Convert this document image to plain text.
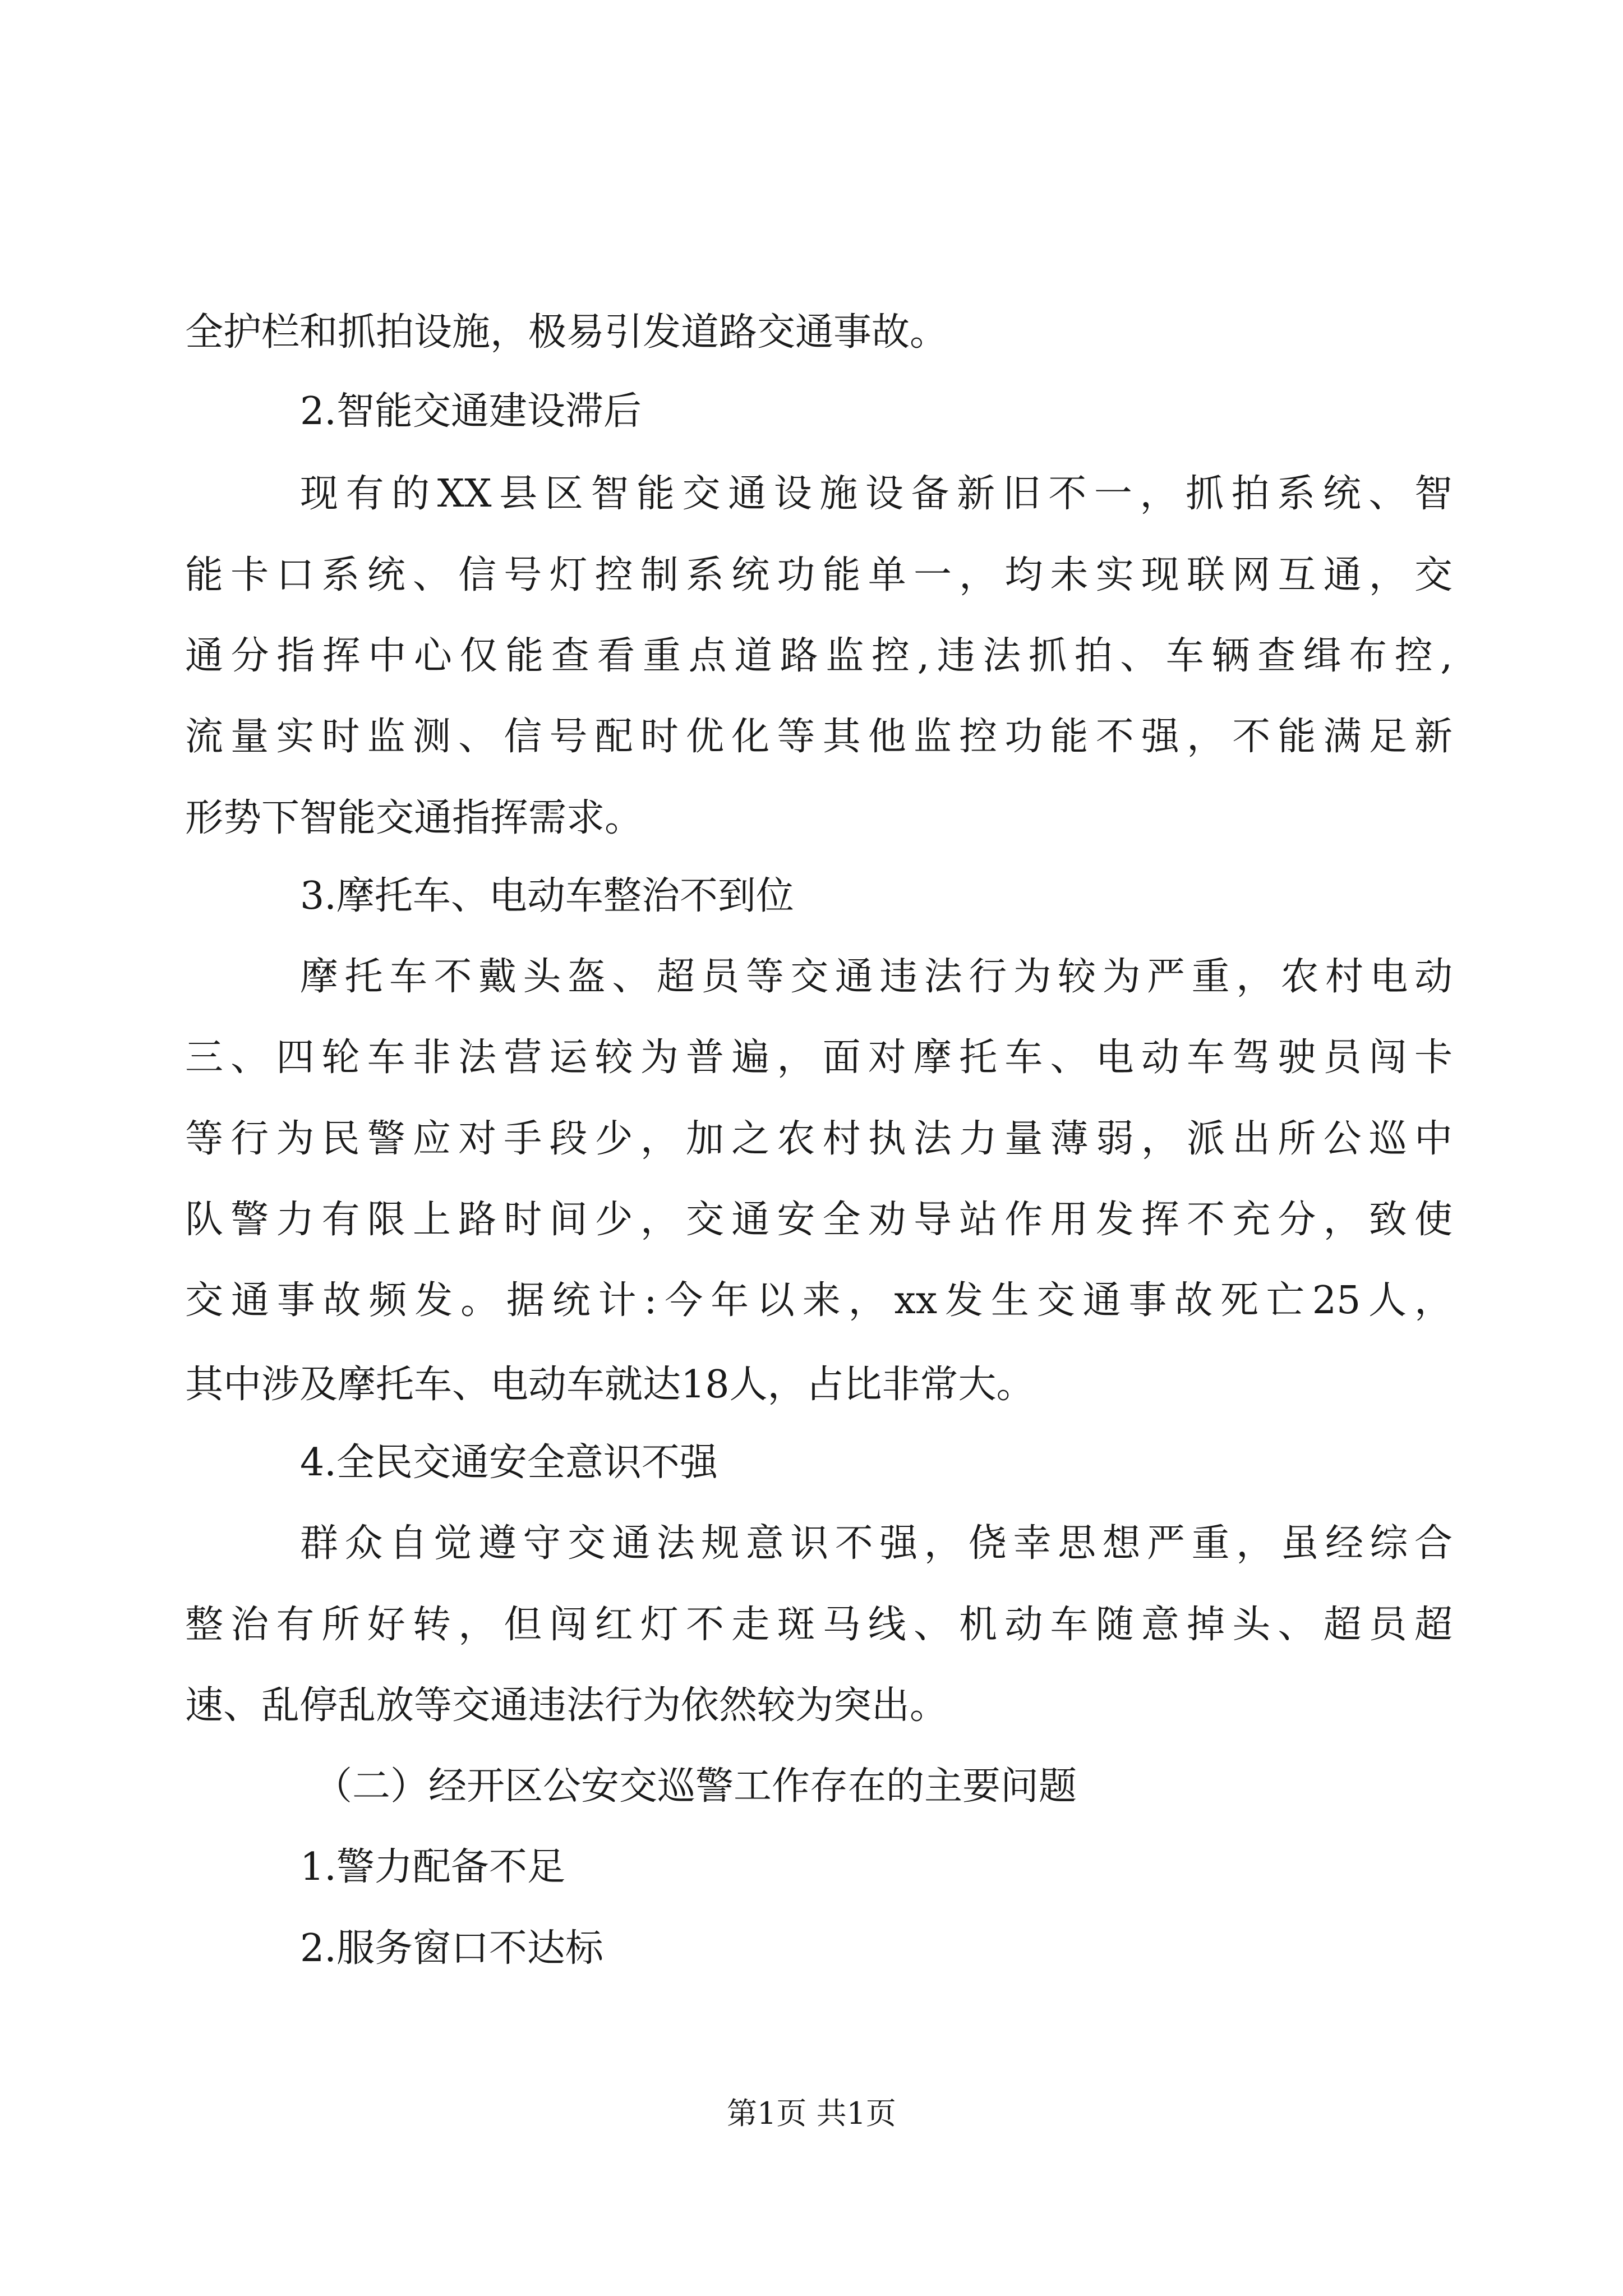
全护栏和抓拍设施，极易引发道路交通事故。
2.智能交通建设滞后
现有的XX县区智能交通设施设备新旧不一，抓拍系统、智
能卡口系统、信号灯控制系统功能单一，均未实现联网互通，交
通分指挥中心仅能查看重点道路监控,违法抓拍、车辆查缉布控,
流量实时监测、信号配时优化等其他监控功能不强，不能满足新
形势下智能交通指挥需求。
3.摩托车、电动车整治不到位
摩托车不戴头盔、超员等交通违法行为较为严重，农村电动
三、四轮车非法营运较为普遍，面对摩托车、电动车驾驶员闯卡
等行为民警应对手段少，加之农村执法力量薄弱，派出所公巡中
队警力有限上路时间少，交通安全劝导站作用发挥不充分，致使
交通事故频发。据统计:今年以来，xx发生交通事故死亡25人，
其中涉及摩托车、电动车就达18人，占比非常大。
4.全民交通安全意识不强
群众自觉遵守交通法规意识不强，侥幸思想严重，虽经综合
整治有所好转，但闯红灯不走斑马线、机动车随意掉头、超员超
速、乱停乱放等交通违法行为依然较为突出。
（二）经开区公安交巡警工作存在的主要问题
1.警力配备不足
2.服务窗口不达标
第1页 共1页
